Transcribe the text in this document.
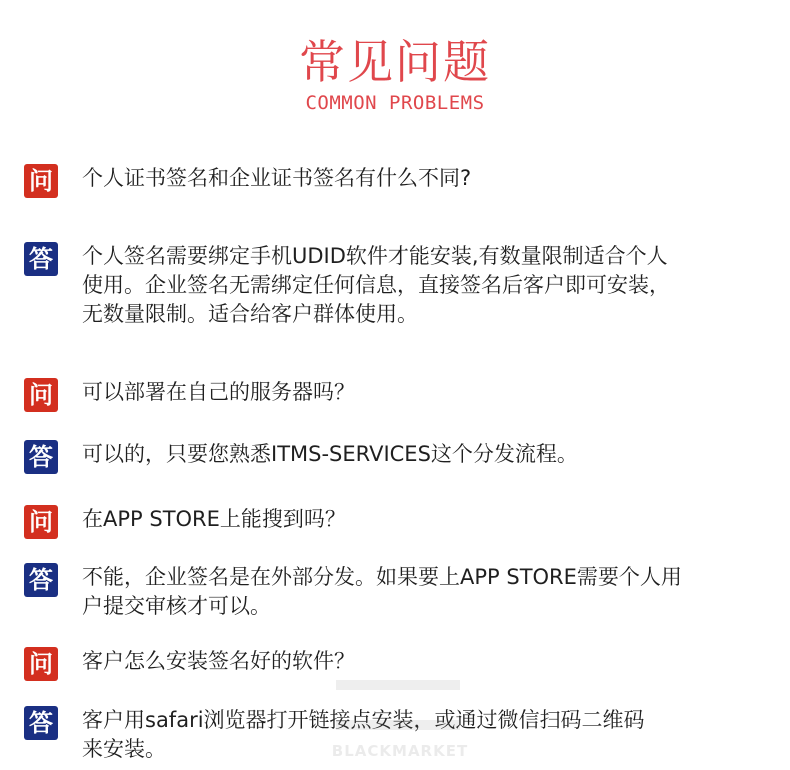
常见问题
COMMON PROBLEMS
问 个人证书签名和企业证书签名有什么不同?
答 个人签名需要绑定手机UDID软件才能安装,有数量限制适合个人
使用。企业签名无需绑定任何信息，直接签名后客户即可安装，
无数量限制。适合给客户群体使用。
问 可以部署在自己的服务器吗？
答 可以的，只要您熟悉ITMS-SERVICES这个分发流程。
问 在APP STORE上能搜到吗？
答 不能，企业签名是在外部分发。如果要上APP STORE需要个人用
户提交审核才可以。
问 客户怎么安装签名好的软件？
答 客户用safari浏览器打开链接点安装，或通过微信扫码二维码
来安装。	BLACKMARKET
